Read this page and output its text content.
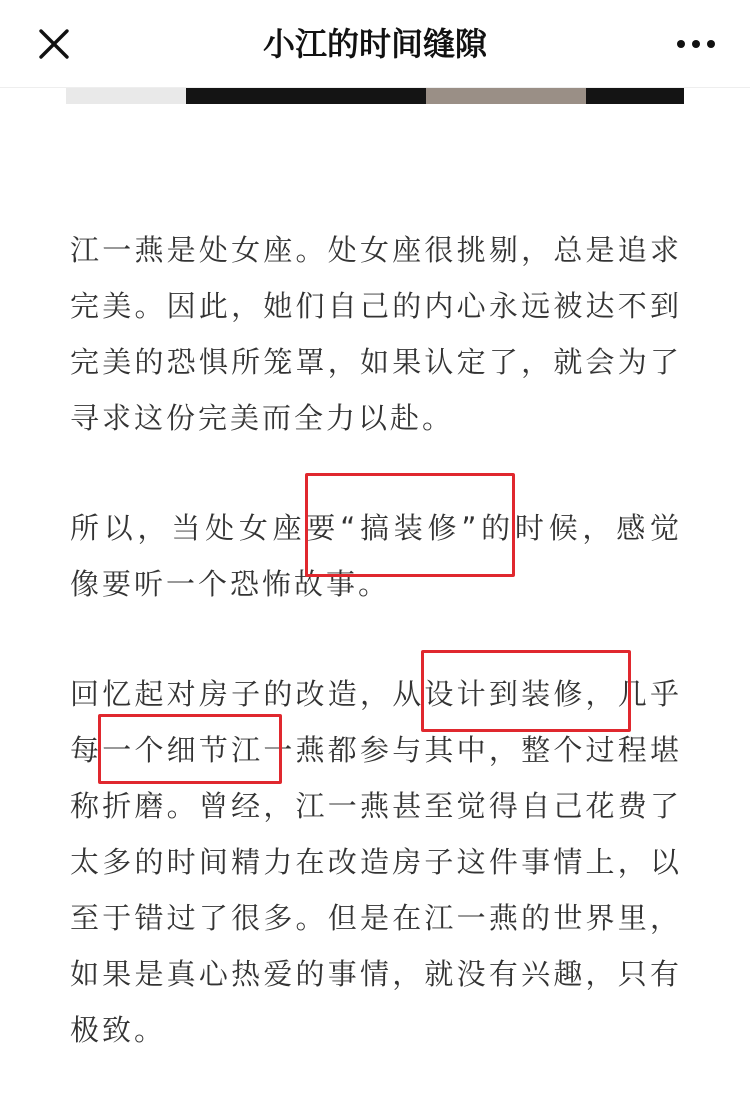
小江的时间缝隙

江一燕是处女座。处女座很挑剔，总是追求完美。因此，她们自己的内心永远被达不到完美的恐惧所笼罩，如果认定了，就会为了寻求这份完美而全力以赴。

所以，当处女座要“搞装修”的时候，感觉像要听一个恐怖故事。

回忆起对房子的改造，从设计到装修，几乎每一个细节江一燕都参与其中，整个过程堪称折磨。曾经，江一燕甚至觉得自己花费了太多的时间精力在改造房子这件事情上，以至于错过了很多。但是在江一燕的世界里，如果是真心热爱的事情，就没有兴趣，只有极致。
